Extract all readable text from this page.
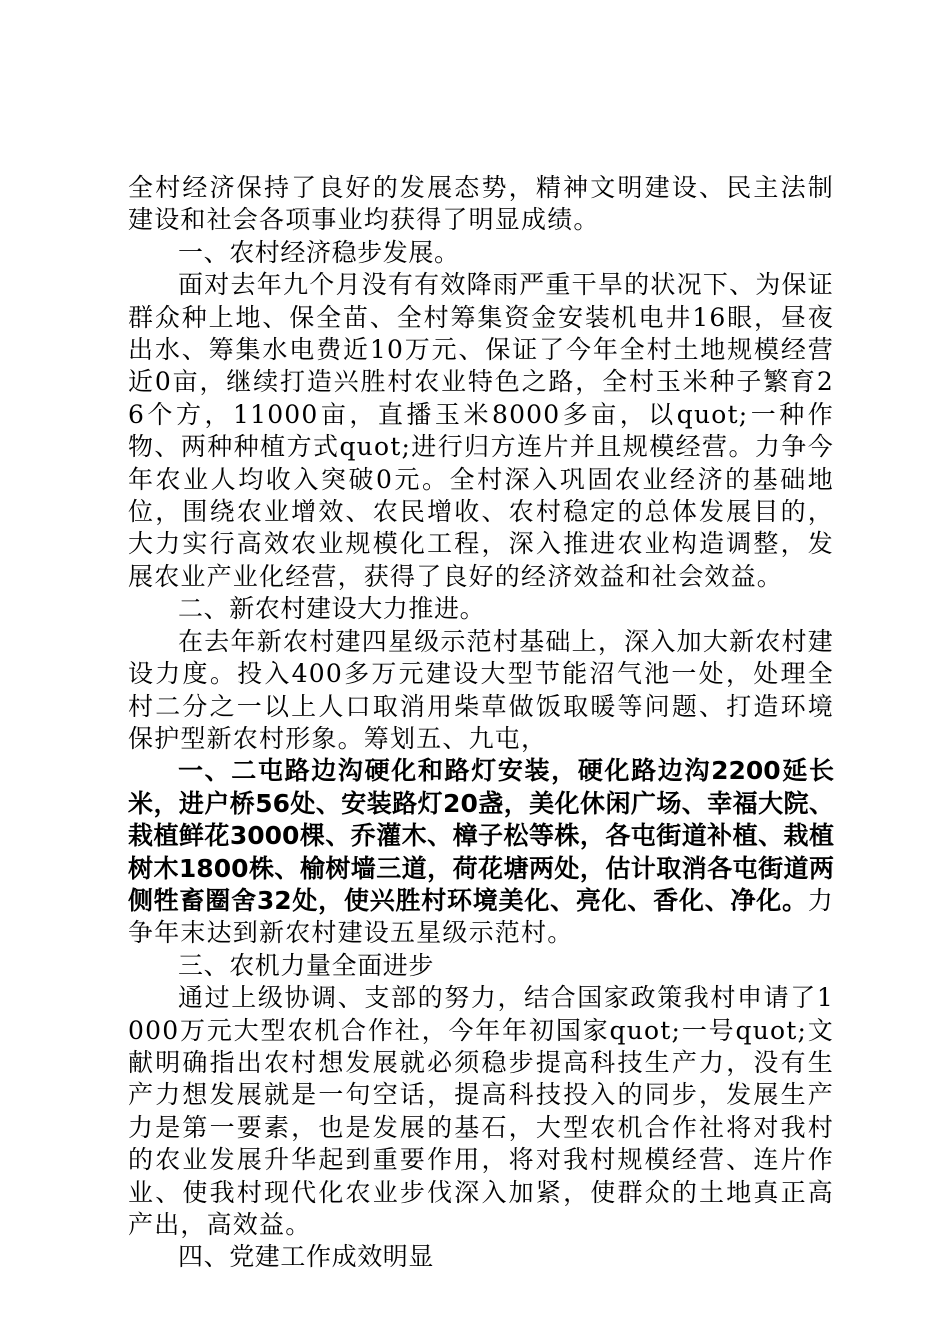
全村经济保持了良好的发展态势，精神文明建设、民主法制建设和社会各项事业均获得了明显成绩。

一、农村经济稳步发展。

面对去年九个月没有有效降雨严重干旱的状况下、为保证群众种上地、保全苗、全村筹集资金安装机电井16眼，昼夜出水、筹集水电费近10万元、保证了今年全村土地规模经营近0亩，继续打造兴胜村农业特色之路，全村玉米种子繁育26个方，11000亩，直播玉米8000多亩，以quot;一种作物、两种种植方式quot;进行归方连片并且规模经营。力争今年农业人均收入突破0元。全村深入巩固农业经济的基础地位，围绕农业增效、农民增收、农村稳定的总体发展目的，大力实行高效农业规模化工程，深入推进农业构造调整，发展农业产业化经营，获得了良好的经济效益和社会效益。

二、新农村建设大力推进。

在去年新农村建四星级示范村基础上，深入加大新农村建设力度。投入400多万元建设大型节能沼气池一处，处理全村二分之一以上人口取消用柴草做饭取暖等问题、打造环境保护型新农村形象。筹划五、九屯，

一、二屯路边沟硬化和路灯安装，硬化路边沟2200延长米，进户桥56处、安装路灯20盏，美化休闲广场、幸福大院、栽植鲜花3000棵、乔灌木、樟子松等株，各屯街道补植、栽植树木1800株、榆树墙三道，荷花塘两处，估计取消各屯街道两侧牲畜圈舍32处，使兴胜村环境美化、亮化、香化、净化。力争年末达到新农村建设五星级示范村。

三、农机力量全面进步

通过上级协调、支部的努力，结合国家政策我村申请了1000万元大型农机合作社，今年年初国家quot;一号quot;文献明确指出农村想发展就必须稳步提高科技生产力，没有生产力想发展就是一句空话，提高科技投入的同步，发展生产力是第一要素，也是发展的基石，大型农机合作社将对我村的农业发展升华起到重要作用，将对我村规模经营、连片作业、使我村现代化农业步伐深入加紧，使群众的土地真正高产出，高效益。

四、党建工作成效明显
